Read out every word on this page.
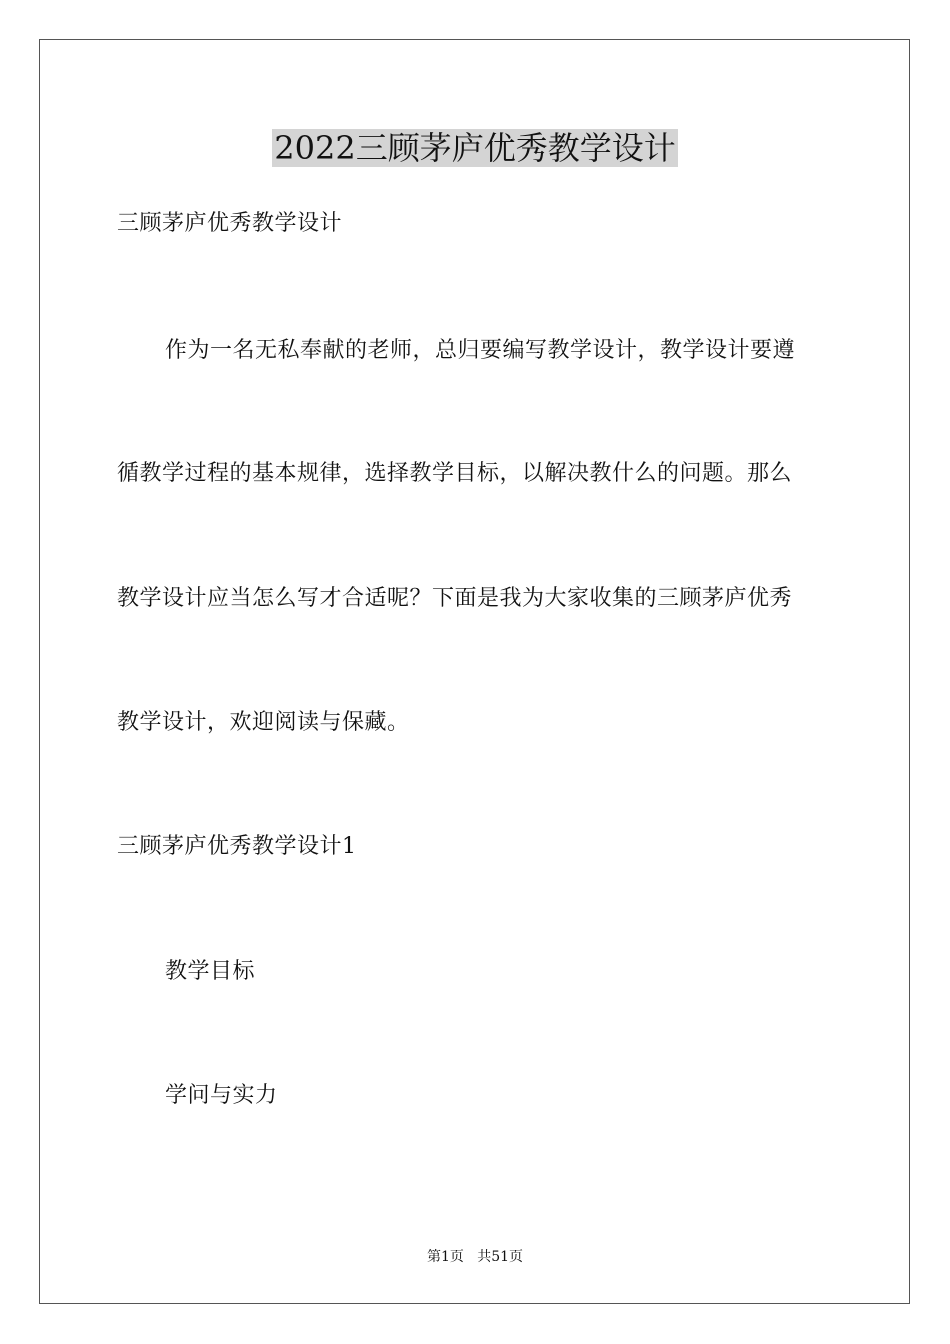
2022三顾茅庐优秀教学设计
三顾茅庐优秀教学设计
作为一名无私奉献的老师，总归要编写教学设计，教学设计要遵
循教学过程的基本规律，选择教学目标，以解决教什么的问题。那么
教学设计应当怎么写才合适呢？下面是我为大家收集的三顾茅庐优秀
教学设计，欢迎阅读与保藏。
三顾茅庐优秀教学设计1
教学目标
学问与实力
第1页   共51页
